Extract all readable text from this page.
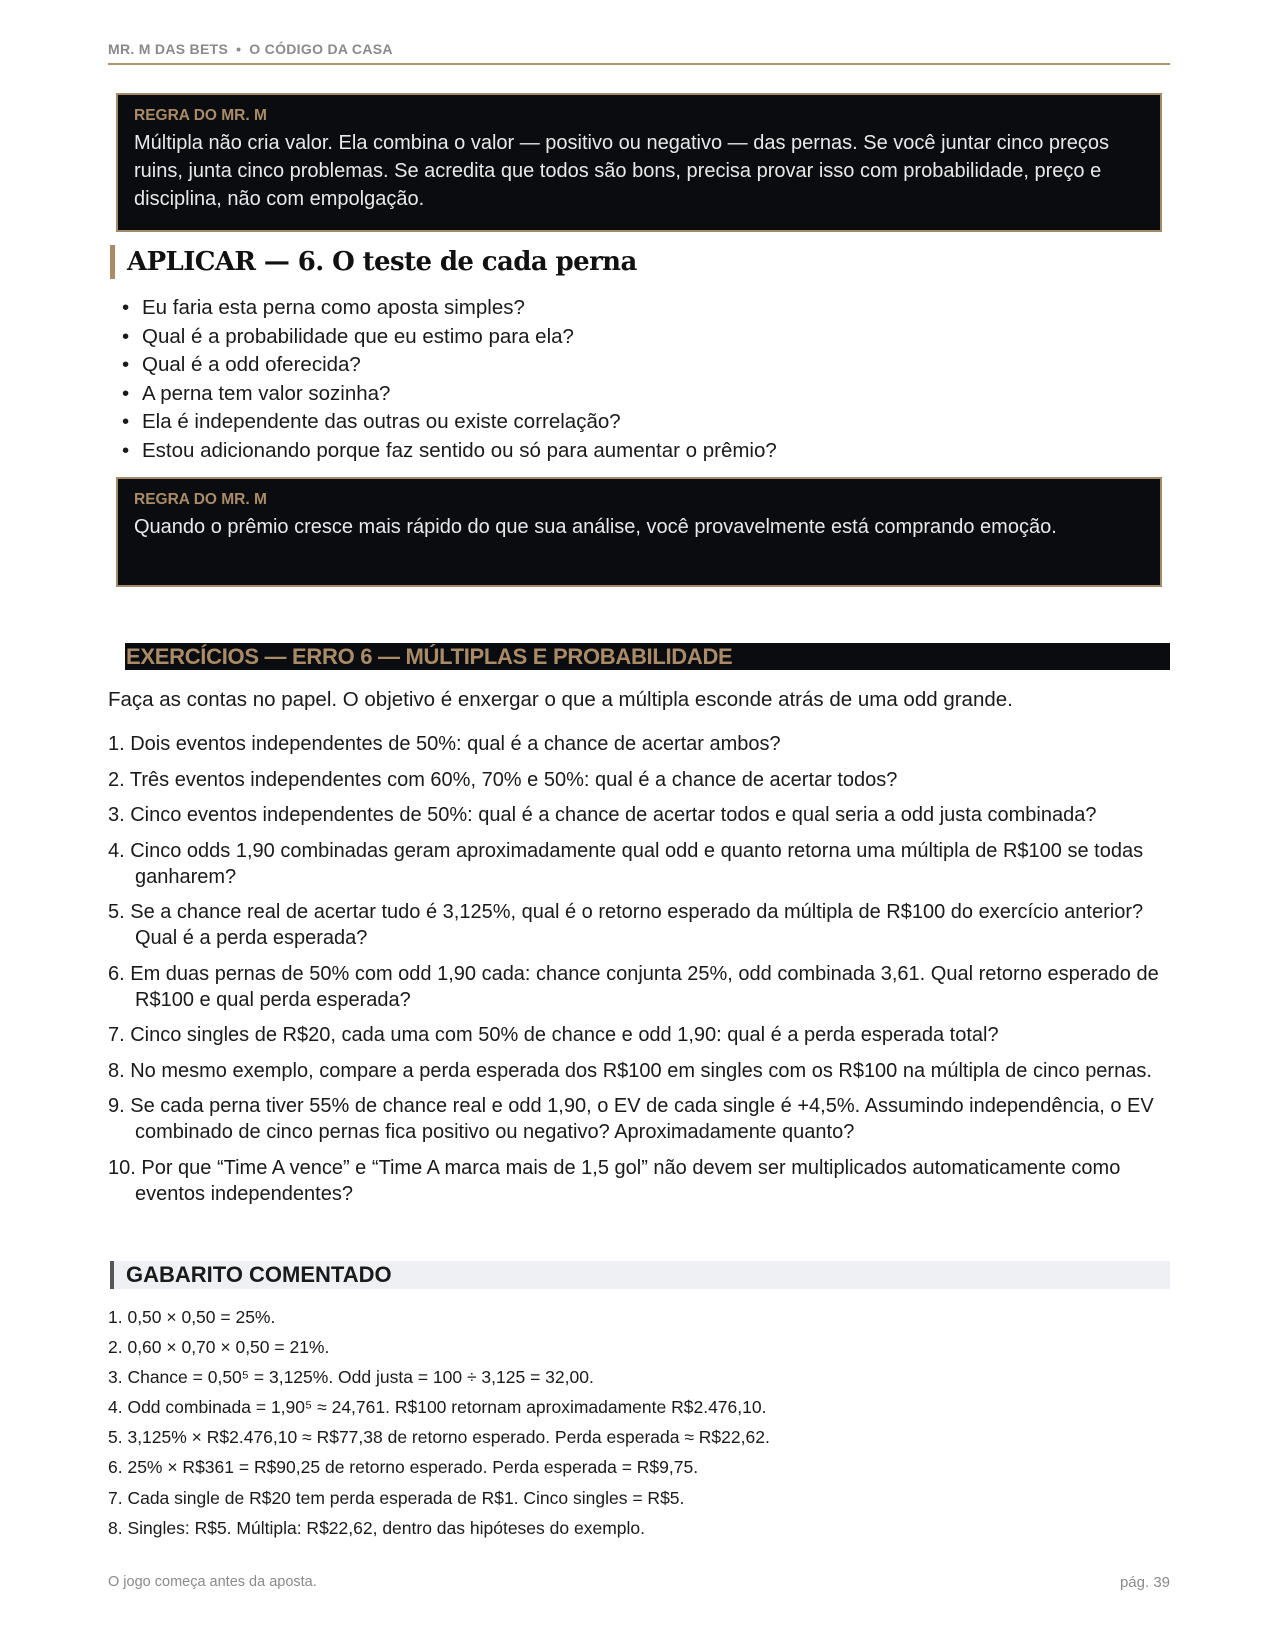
MR. M DAS BETS • O CÓDIGO DA CASA
REGRA DO MR. M
Múltipla não cria valor. Ela combina o valor — positivo ou negativo — das pernas. Se você juntar cinco preços ruins, junta cinco problemas. Se acredita que todos são bons, precisa provar isso com probabilidade, preço e disciplina, não com empolgação.
APLICAR — 6. O teste de cada perna
• Eu faria esta perna como aposta simples?
• Qual é a probabilidade que eu estimo para ela?
• Qual é a odd oferecida?
• A perna tem valor sozinha?
• Ela é independente das outras ou existe correlação?
• Estou adicionando porque faz sentido ou só para aumentar o prêmio?
REGRA DO MR. M
Quando o prêmio cresce mais rápido do que sua análise, você provavelmente está comprando emoção.
EXERCÍCIOS — ERRO 6 — MÚLTIPLAS E PROBABILIDADE
Faça as contas no papel. O objetivo é enxergar o que a múltipla esconde atrás de uma odd grande.
1. Dois eventos independentes de 50%: qual é a chance de acertar ambos?
2. Três eventos independentes com 60%, 70% e 50%: qual é a chance de acertar todos?
3. Cinco eventos independentes de 50%: qual é a chance de acertar todos e qual seria a odd justa combinada?
4. Cinco odds 1,90 combinadas geram aproximadamente qual odd e quanto retorna uma múltipla de R$100 se todas ganharem?
5. Se a chance real de acertar tudo é 3,125%, qual é o retorno esperado da múltipla de R$100 do exercício anterior? Qual é a perda esperada?
6. Em duas pernas de 50% com odd 1,90 cada: chance conjunta 25%, odd combinada 3,61. Qual retorno esperado de R$100 e qual perda esperada?
7. Cinco singles de R$20, cada uma com 50% de chance e odd 1,90: qual é a perda esperada total?
8. No mesmo exemplo, compare a perda esperada dos R$100 em singles com os R$100 na múltipla de cinco pernas.
9. Se cada perna tiver 55% de chance real e odd 1,90, o EV de cada single é +4,5%. Assumindo independência, o EV combinado de cinco pernas fica positivo ou negativo? Aproximadamente quanto?
10. Por que “Time A vence” e “Time A marca mais de 1,5 gol” não devem ser multiplicados automaticamente como eventos independentes?
GABARITO COMENTADO
1. 0,50 × 0,50 = 25%.
2. 0,60 × 0,70 × 0,50 = 21%.
3. Chance = 0,50⁵ = 3,125%. Odd justa = 100 ÷ 3,125 = 32,00.
4. Odd combinada = 1,90⁵ ≈ 24,761. R$100 retornam aproximadamente R$2.476,10.
5. 3,125% × R$2.476,10 ≈ R$77,38 de retorno esperado. Perda esperada ≈ R$22,62.
6. 25% × R$361 = R$90,25 de retorno esperado. Perda esperada = R$9,75.
7. Cada single de R$20 tem perda esperada de R$1. Cinco singles = R$5.
8. Singles: R$5. Múltipla: R$22,62, dentro das hipóteses do exemplo.
O jogo começa antes da aposta.	pág. 39
